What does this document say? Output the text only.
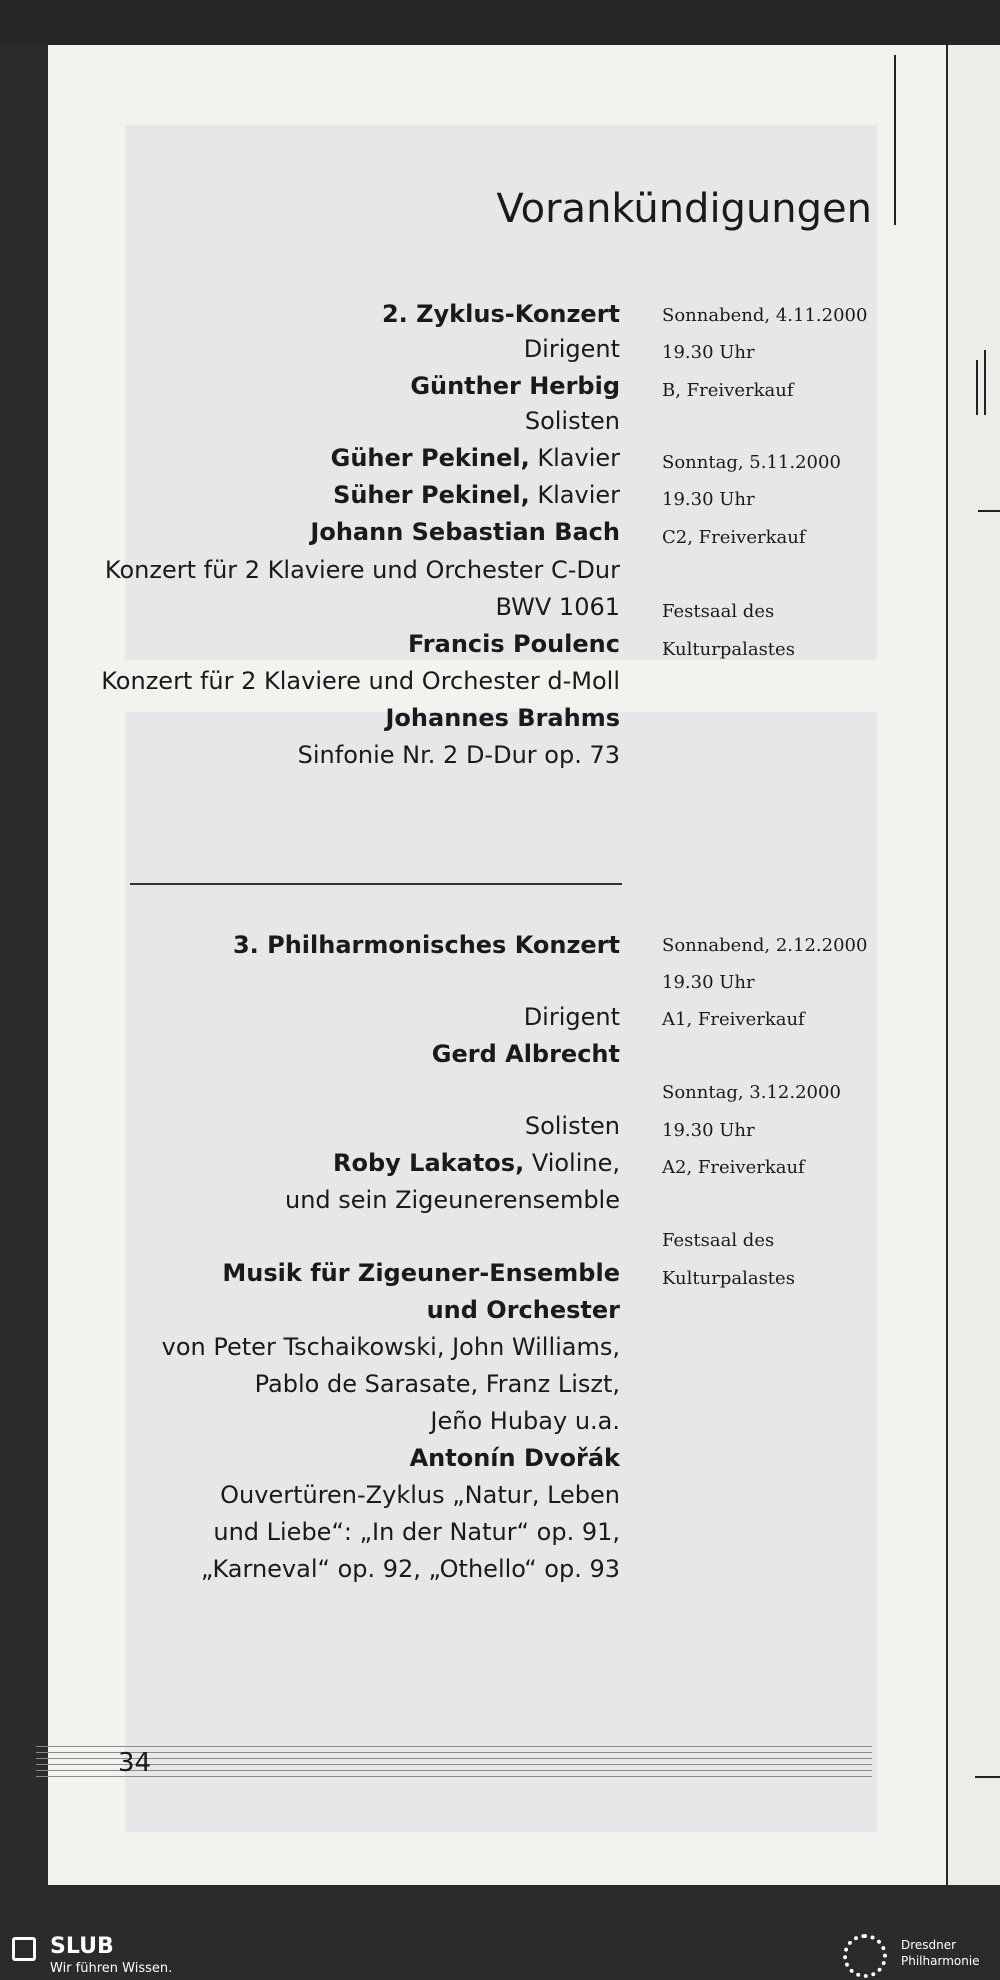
Vorankündigungen
2. Zyklus-Konzert
Dirigent
Günther Herbig
Solisten
Güher Pekinel, Klavier
Süher Pekinel, Klavier
Johann Sebastian Bach
Konzert für 2 Klaviere und Orchester C-Dur
BWV 1061
Francis Poulenc
Konzert für 2 Klaviere und Orchester d-Moll
Johannes Brahms
Sinfonie Nr. 2 D-Dur op. 73
Sonnabend, 4.11.2000
19.30 Uhr
B, Freiverkauf
Sonntag, 5.11.2000
19.30 Uhr
C2, Freiverkauf
Festsaal des
Kulturpalastes
3. Philharmonisches Konzert
Dirigent
Gerd Albrecht
Solisten
Roby Lakatos, Violine,
und sein Zigeunerensemble
Musik für Zigeuner-Ensemble
und Orchester
von Peter Tschaikowski, John Williams,
Pablo de Sarasate, Franz Liszt,
Jeño Hubay u.a.
Antonín Dvořák
Ouvertüren-Zyklus „Natur, Leben
und Liebe“: „In der Natur“ op. 91,
„Karneval“ op. 92, „Othello“ op. 93
Sonnabend, 2.12.2000
19.30 Uhr
A1, Freiverkauf
Sonntag, 3.12.2000
19.30 Uhr
A2, Freiverkauf
Festsaal des
Kulturpalastes
34
SLUB
Wir führen Wissen.
Dresdner
Philharmonie
